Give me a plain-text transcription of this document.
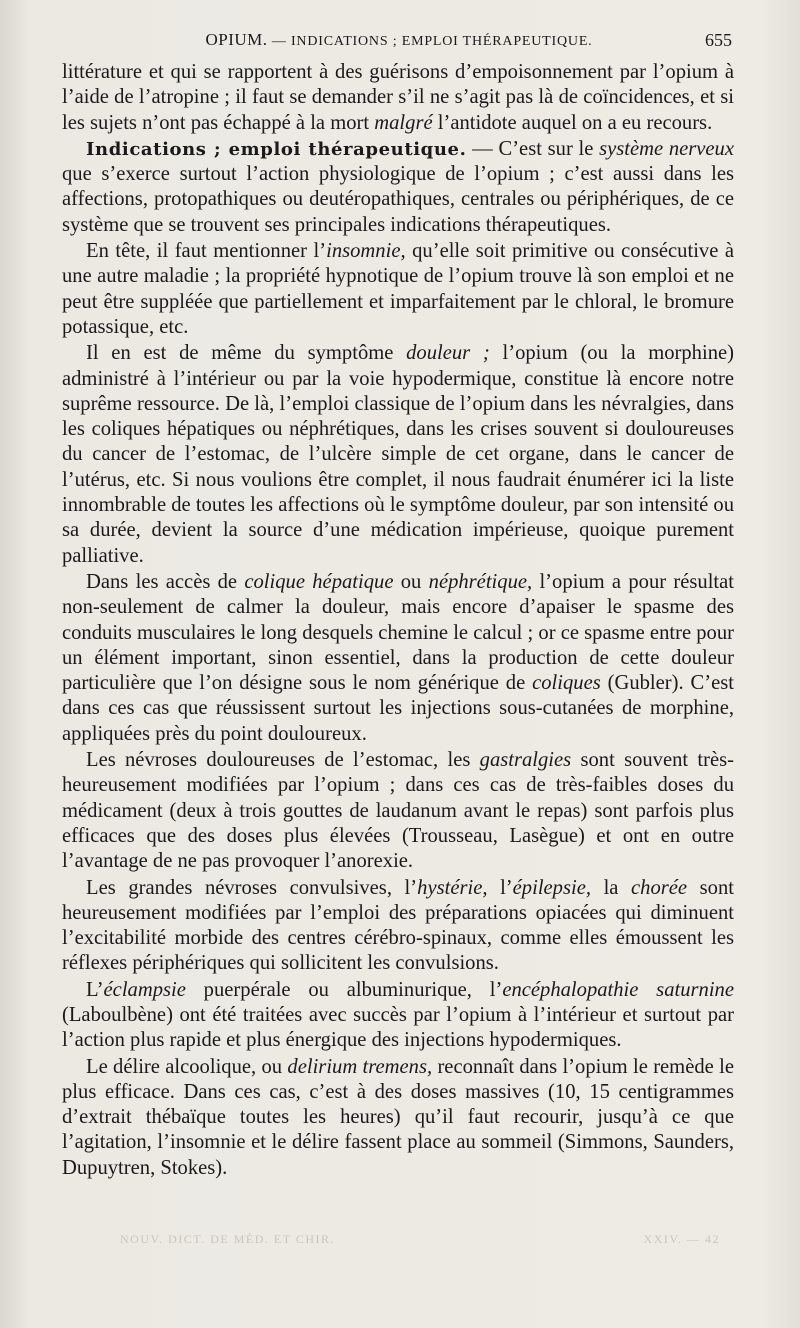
OPIUM. — INDICATIONS ; EMPLOI THÉRAPEUTIQUE.	655

littérature et qui se rapportent à des guérisons d’empoisonnement par l’opium à l’aide de l’atropine ; il faut se demander s’il ne s’agit pas là de coïncidences, et si les sujets n’ont pas échappé à la mort malgré l’antidote auquel on a eu recours.

Indications ; emploi thérapeutique. — C’est sur le système nerveux que s’exerce surtout l’action physiologique de l’opium ; c’est aussi dans les affections, protopathiques ou deutéropathiques, centrales ou périphériques, de ce système que se trouvent ses principales indications thérapeutiques.

En tête, il faut mentionner l’insomnie, qu’elle soit primitive ou consécutive à une autre maladie ; la propriété hypnotique de l’opium trouve là son emploi et ne peut être suppléée que partiellement et imparfaitement par le chloral, le bromure potassique, etc.

Il en est de même du symptôme douleur ; l’opium (ou la morphine) administré à l’intérieur ou par la voie hypodermique, constitue là encore notre suprême ressource. De là, l’emploi classique de l’opium dans les névralgies, dans les coliques hépatiques ou néphrétiques, dans les crises souvent si douloureuses du cancer de l’estomac, de l’ulcère simple de cet organe, dans le cancer de l’utérus, etc. Si nous voulions être complet, il nous faudrait énumérer ici la liste innombrable de toutes les affections où le symptôme douleur, par son intensité ou sa durée, devient la source d’une médication impérieuse, quoique purement palliative.

Dans les accès de colique hépatique ou néphrétique, l’opium a pour résultat non-seulement de calmer la douleur, mais encore d’apaiser le spasme des conduits musculaires le long desquels chemine le calcul ; or ce spasme entre pour un élément important, sinon essentiel, dans la production de cette douleur particulière que l’on désigne sous le nom générique de coliques (Gubler). C’est dans ces cas que réussissent surtout les injections sous-cutanées de morphine, appliquées près du point douloureux.

Les névroses douloureuses de l’estomac, les gastralgies sont souvent très-heureusement modifiées par l’opium ; dans ces cas de très-faibles doses du médicament (deux à trois gouttes de laudanum avant le repas) sont parfois plus efficaces que des doses plus élevées (Trousseau, Lasègue) et ont en outre l’avantage de ne pas provoquer l’anorexie.

Les grandes névroses convulsives, l’hystérie, l’épilepsie, la chorée sont heureusement modifiées par l’emploi des préparations opiacées qui diminuent l’excitabilité morbide des centres cérébro-spinaux, comme elles émoussent les réflexes périphériques qui sollicitent les convulsions.

L’éclampsie puerpérale ou albuminurique, l’encéphalopathie saturnine (Laboulbène) ont été traitées avec succès par l’opium à l’intérieur et surtout par l’action plus rapide et plus énergique des injections hypodermiques.

Le délire alcoolique, ou delirium tremens, reconnaît dans l’opium le remède le plus efficace. Dans ces cas, c’est à des doses massives (10, 15 centigrammes d’extrait thébaïque toutes les heures) qu’il faut recourir, jusqu’à ce que l’agitation, l’insomnie et le délire fassent place au sommeil (Simmons, Saunders, Dupuytren, Stokes).

NOUV. DICT. DE MÉD. ET CHIR.	XXIV. — 42
